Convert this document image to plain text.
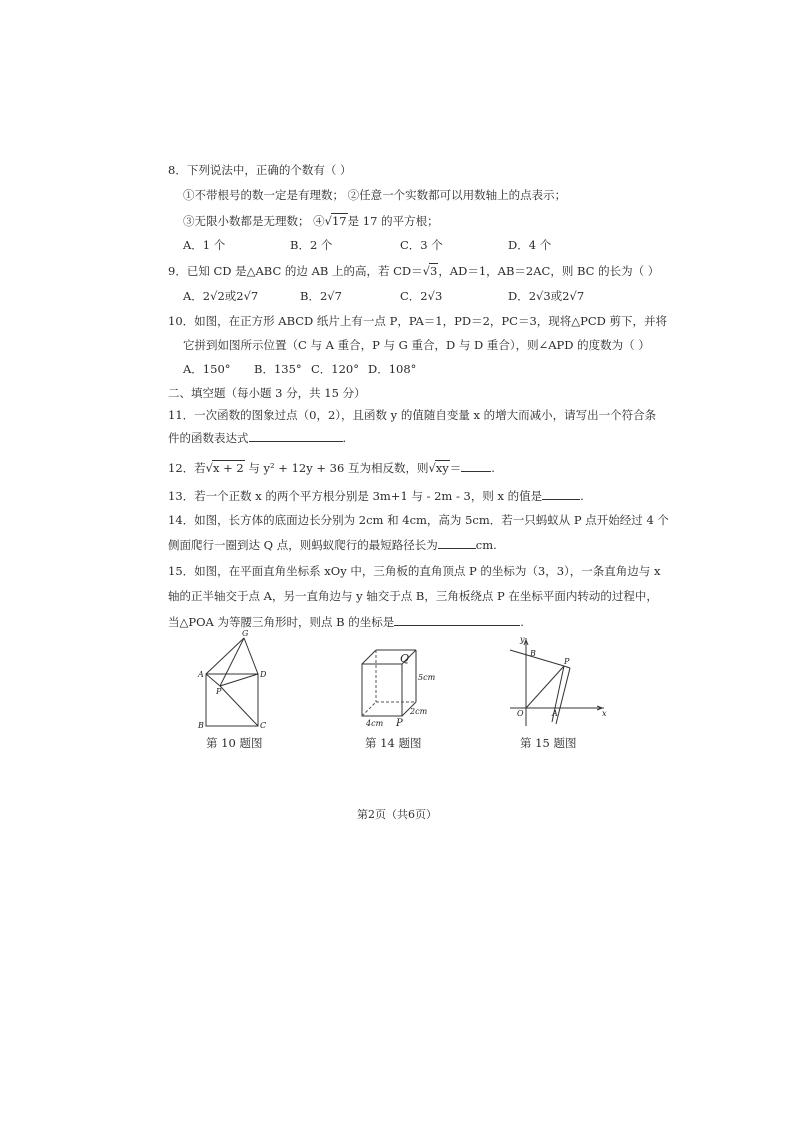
8．下列说法中，正确的个数有（ ）
①不带根号的数一定是有理数； ②任意一个实数都可以用数轴上的点表示；
③无限小数都是无理数； ④√17是 17 的平方根；
A．1 个	B．2 个	C．3 个	D．4 个
9．已知 CD 是△ABC 的边 AB 上的高，若 CD＝√3，AD＝1，AB＝2AC，则 BC 的长为（ ）
A．2√2或2√7	B．2√7	C．2√3	D．2√3或2√7
10．如图，在正方形 ABCD 纸片上有一点 P，PA＝1，PD＝2，PC＝3，现将△PCD 剪下，并将
它拼到如图所示位置（C 与 A 重合，P 与 G 重合，D 与 D 重合），则∠APD 的度数为（ ）
A．150° B．135° C．120° D．108°
二、填空题（每小题 3 分，共 15 分）
11．一次函数的图象过点（0，2），且函数 y 的值随自变量 x 的增大而减小，请写出一个符合条
件的函数表达式	.
12．若√x + 2 与 y² + 12y + 36 互为相反数，则√xy＝	.
13．若一个正数 x 的两个平方根分别是 3m+1 与 - 2m - 3，则 x 的值是	.
14．如图，长方体的底面边长分别为 2cm 和 4cm，高为 5cm．若一只蚂蚁从 P 点开始经过 4 个
侧面爬行一圈到达 Q 点，则蚂蚁爬行的最短路径长为	cm.
15．如图，在平面直角坐标系 xOy 中，三角板的直角顶点 P 的坐标为（3，3），一条直角边与 x
轴的正半轴交于点 A，另一直角边与 y 轴交于点 B，三角板绕点 P 在坐标平面内转动的过程中，
当△POA 为等腰三角形时，则点 B 的坐标是	.
G
A	D
P
B	C
第 10 题图
Q
5cm
2cm
4cm P
第 14 题图
y
B
P
O	A	x
第 15 题图
第2页（共6页）
